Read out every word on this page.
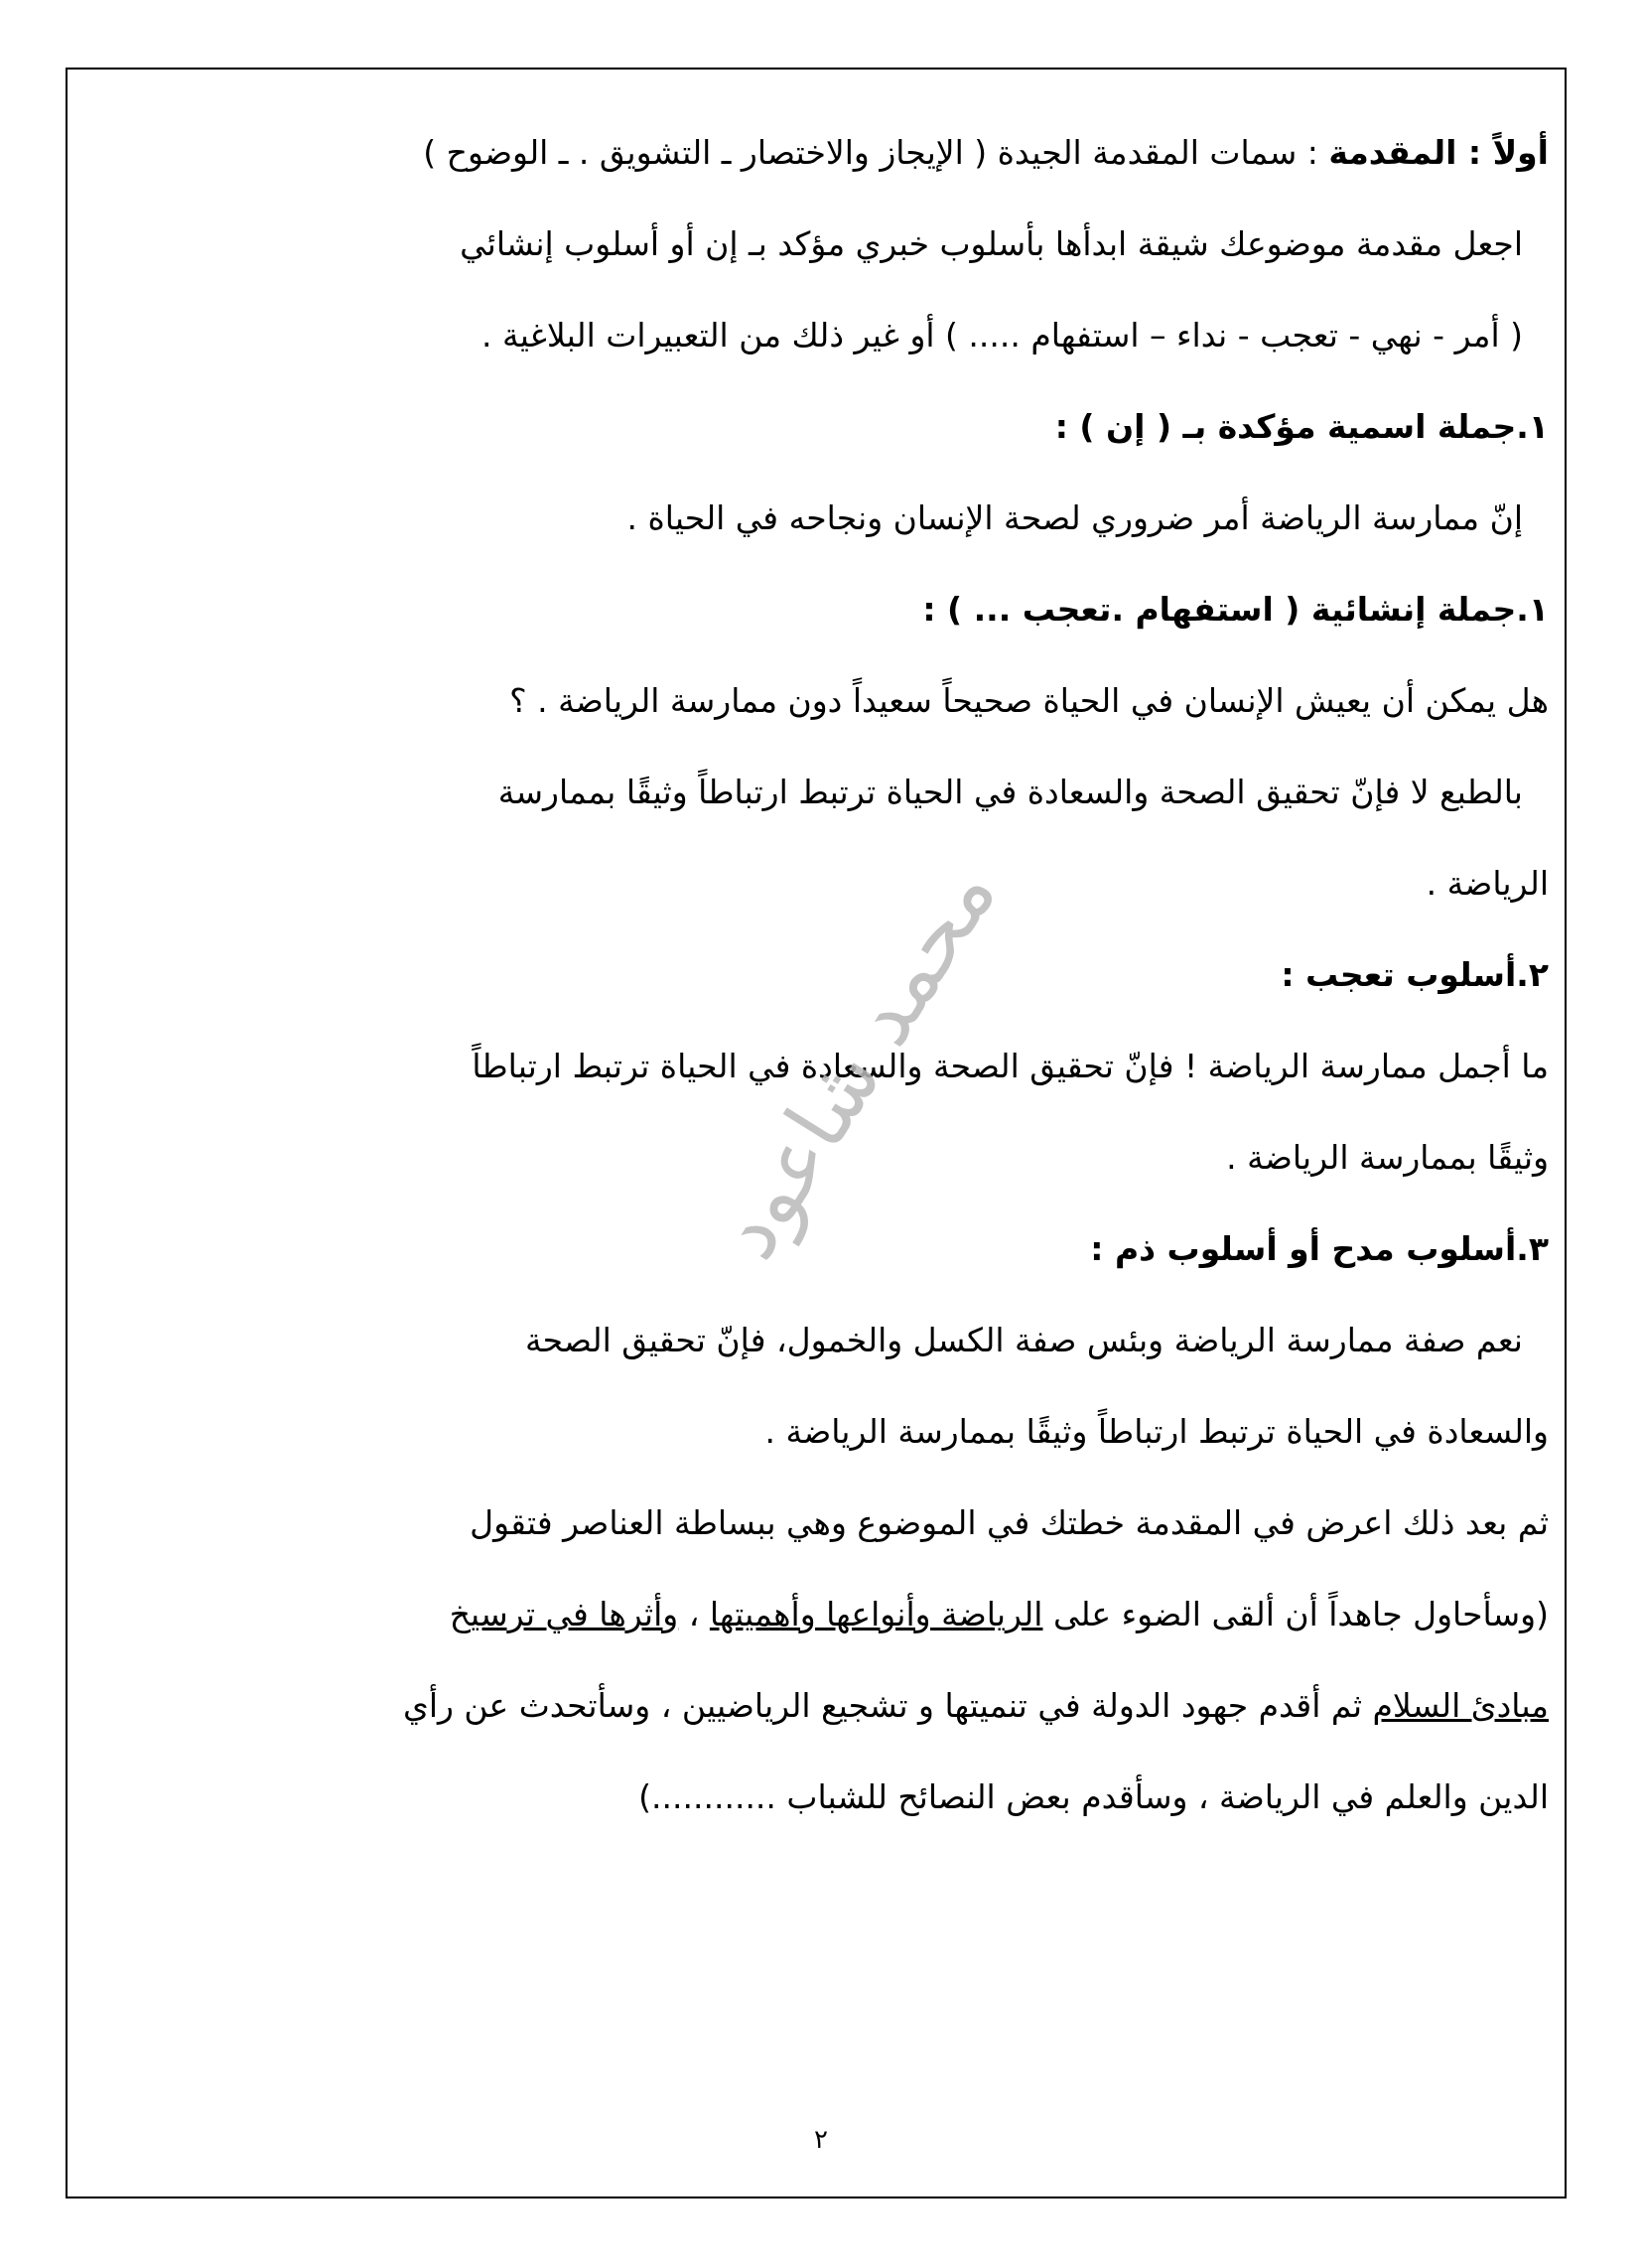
أولاً : المقدمة : سمات المقدمة الجيدة ( الإيجاز والاختصار ـ التشويق . ـ الوضوح )
اجعل مقدمة موضوعك شيقة ابدأها بأسلوب خبري مؤكد بـ إن أو أسلوب إنشائي
( أمر - نهي - تعجب - نداء – استفهام ..... ) أو غير ذلك من التعبيرات البلاغية .
١.جملة اسمية مؤكدة بـ ( إن ) :
إنّ ممارسة الرياضة أمر ضروري لصحة الإنسان ونجاحه في الحياة .
١.جملة إنشائية ( استفهام .تعجب ... ) :
هل يمكن أن يعيش الإنسان في الحياة صحيحاً سعيداً دون ممارسة الرياضة . ؟
بالطبع لا فإنّ تحقيق الصحة والسعادة في الحياة ترتبط ارتباطاً وثيقًا بممارسة
الرياضة .
٢.أسلوب تعجب :
ما أجمل ممارسة الرياضة ! فإنّ تحقيق الصحة والسعادة في الحياة ترتبط ارتباطاً
وثيقًا بممارسة الرياضة .
٣.أسلوب مدح أو أسلوب ذم :
نعم صفة ممارسة الرياضة وبئس صفة الكسل والخمول، فإنّ تحقيق الصحة
والسعادة في الحياة ترتبط ارتباطاً وثيقًا بممارسة الرياضة .
ثم بعد ذلك اعرض في المقدمة خطتك في الموضوع وهي ببساطة العناصر فتقول
(وسأحاول جاهداً أن ألقى الضوء على الرياضة وأنواعها وأهميتها ، وأثرها في ترسيخ
مبادئ السلام ثم أقدم جهود الدولة في تنميتها و تشجيع الرياضيين ، وسأتحدث عن رأي
الدين والعلم في الرياضة ، وسأقدم بعض النصائح للشباب ............)
محمد شاعود
٢
